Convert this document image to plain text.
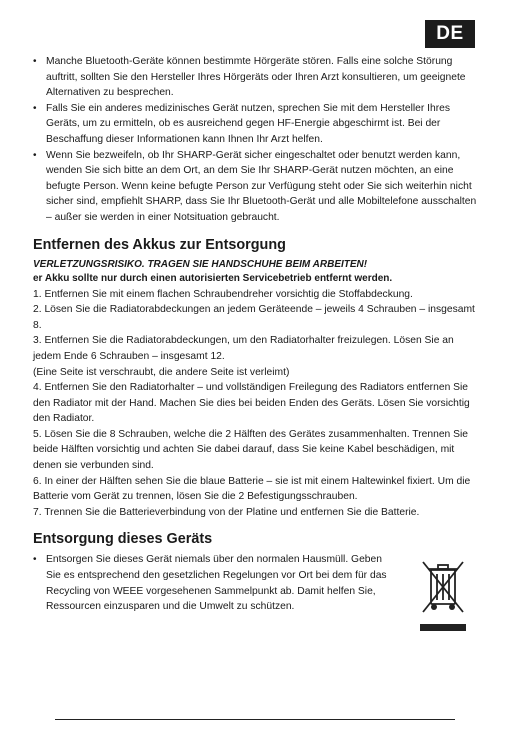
DE
• Manche Bluetooth-Geräte können bestimmte Hörgeräte stören. Falls eine solche Störung auftritt, sollten Sie den Hersteller Ihres Hörgeräts oder Ihren Arzt konsultieren, um geeignete Alternativen zu besprechen.
• Falls Sie ein anderes medizinisches Gerät nutzen, sprechen Sie mit dem Hersteller Ihres Geräts, um zu ermitteln, ob es ausreichend gegen HF-Energie abgeschirmt ist. Bei der Beschaffung dieser Informationen kann Ihnen Ihr Arzt helfen.
• Wenn Sie bezweifeln, ob Ihr SHARP-Gerät sicher eingeschaltet oder benutzt werden kann, wenden Sie sich bitte an dem Ort, an dem Sie Ihr SHARP-Gerät nutzen möchten, an eine befugte Person. Wenn keine befugte Person zur Verfügung steht oder Sie sich weiterhin nicht sicher sind, empfiehlt SHARP, dass Sie Ihr Bluetooth-Gerät und alle Mobiltelefone ausschalten – außer sie werden in einer Notsituation gebraucht.
Entfernen des Akkus zur Entsorgung

VERLETZUNGSRISIKO. TRAGEN SIE HANDSCHUHE BEIM ARBEITEN!

er Akku sollte nur durch einen autorisierten Servicebetrieb entfernt werden.

1. Entfernen Sie mit einem flachen Schraubendreher vorsichtig die Stoffabdeckung.

2. Lösen Sie die Radiatorabdeckungen an jedem Geräteende – jeweils 4 Schrauben – insgesamt 8.

3. Entfernen Sie die Radiatorabdeckungen, um den Radiatorhalter freizulegen. Lösen Sie an jedem Ende 6 Schrauben – insgesamt 12.

(Eine Seite ist verschraubt, die andere Seite ist verleimt)

4. Entfernen Sie den Radiatorhalter – und vollständigen Freilegung des Radiators entfernen Sie den Radiator mit der Hand. Machen Sie dies bei beiden Enden des Geräts. Lösen Sie vorsichtig den Radiator.

5. Lösen Sie die 8 Schrauben, welche die 2 Hälften des Gerätes zusammenhalten. Trennen Sie beide Hälften vorsichtig und achten Sie dabei darauf, dass Sie keine Kabel beschädigen, mit denen sie verbunden sind.

6. In einer der Hälften sehen Sie die blaue Batterie – sie ist mit einem Haltewinkel fixiert. Um die Batterie vom Gerät zu trennen, lösen Sie die 2 Befestigungsschrauben.

7. Trennen Sie die Batterieverbindung von der Platine und entfernen Sie die Batterie.

Entsorgung dieses Geräts
• Entsorgen Sie dieses Gerät niemals über den normalen Hausmüll. Geben Sie es entsprechend den gesetzlichen Regelungen vor Ort bei dem für das Recycling von WEEE vorgesehenen Sammelpunkt ab. Damit helfen Sie, Ressourcen einzusparen und die Umwelt zu schützen.
